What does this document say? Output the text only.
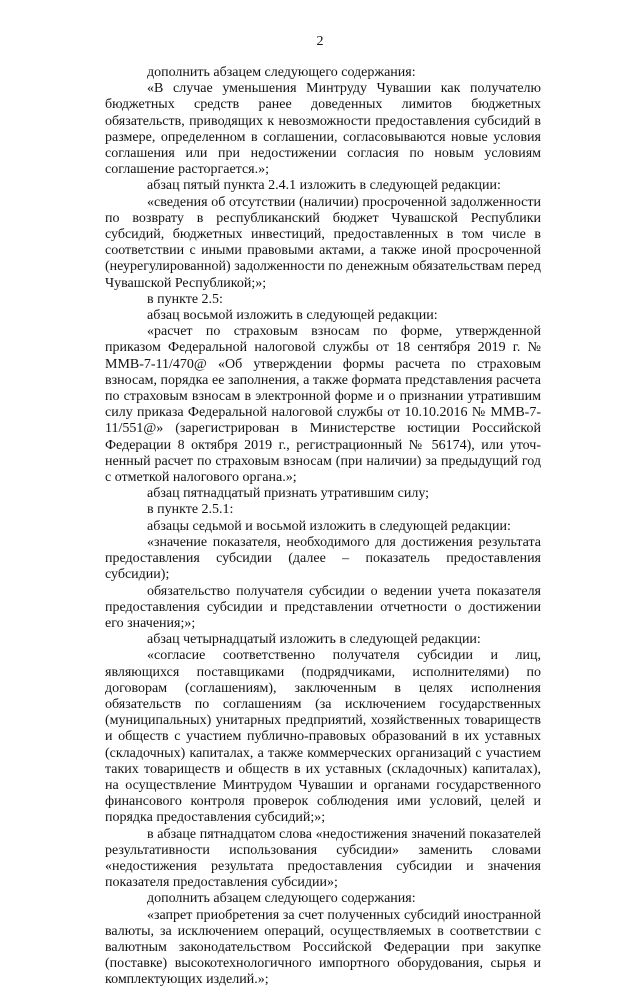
2

дополнить абзацем следующего содержания:

«В случае уменьшения Минтруду Чувашии как получателю бюджетных средств ранее доведенных лимитов бюджетных обязательств, приводящих к невозможности предоставления субсидий в размере, определенном в соглашении, согласовываются новые условия соглашения или при недостижении согласия по новым условиям соглашение расторгается.»;

абзац пятый пункта 2.4.1 изложить в следующей редакции:

«сведения об отсутствии (наличии) просроченной задолженности по возврату в республиканский бюджет Чувашской Республики субсидий, бюджетных инвестиций, предоставленных в том числе в соответствии с иными правовыми актами, а также иной просроченной (неурегулированной) задолженности по денежным обязательствам перед Чувашской Республикой;»;

в пункте 2.5:

абзац восьмой изложить в следующей редакции:

«расчет по страховым взносам по форме, утвержденной приказом Федеральной налоговой службы от 18 сентября 2019 г. № ММВ-7-11/470@ «Об утверждении формы расчета по страховым взносам, порядка ее заполнения, а также формата представления расчета по страховым взносам в электронной форме и о признании утратившим силу приказа Федеральной налоговой службы от 10.10.2016 № ММВ-7-11/551@» (зарегистрирован в Министерстве юстиции Российской Федерации 8 октября 2019 г., регистрационный № 56174), или уточненный расчет по страховым взносам (при наличии) за предыдущий год с отметкой налогового органа.»;

абзац пятнадцатый признать утратившим силу;

в пункте 2.5.1:

абзацы седьмой и восьмой изложить в следующей редакции:

«значение показателя, необходимого для достижения результата предоставления субсидии (далее – показатель предоставления субсидии);

обязательство получателя субсидии о ведении учета показателя предоставления субсидии и представлении отчетности о достижении его значения;»;

абзац четырнадцатый изложить в следующей редакции:

«согласие соответственно получателя субсидии и лиц, являющихся поставщиками (подрядчиками, исполнителями) по договорам (соглашениям), заключенным в целях исполнения обязательств по соглашениям (за исключением государственных (муниципальных) унитарных предприятий, хозяйственных товариществ и обществ с участием публично-правовых образований в их уставных (складочных) капиталах, а также коммерческих организаций с участием таких товариществ и обществ в их уставных (складочных) капиталах), на осуществление Минтрудом Чувашии и органами государственного финансового контроля проверок соблюдения ими условий, целей и порядка предоставления субсидий;»;

в абзаце пятнадцатом слова «недостижения значений показателей результативности использования субсидии» заменить словами «недостижения результата предоставления субсидии и значения показателя предоставления субсидии»;

дополнить абзацем следующего содержания:

«запрет приобретения за счет полученных субсидий иностранной валюты, за исключением операций, осуществляемых в соответствии с валютным законодательством Российской Федерации при закупке (поставке) высокотехнологичного импортного оборудования, сырья и комплектующих изделий.»;
